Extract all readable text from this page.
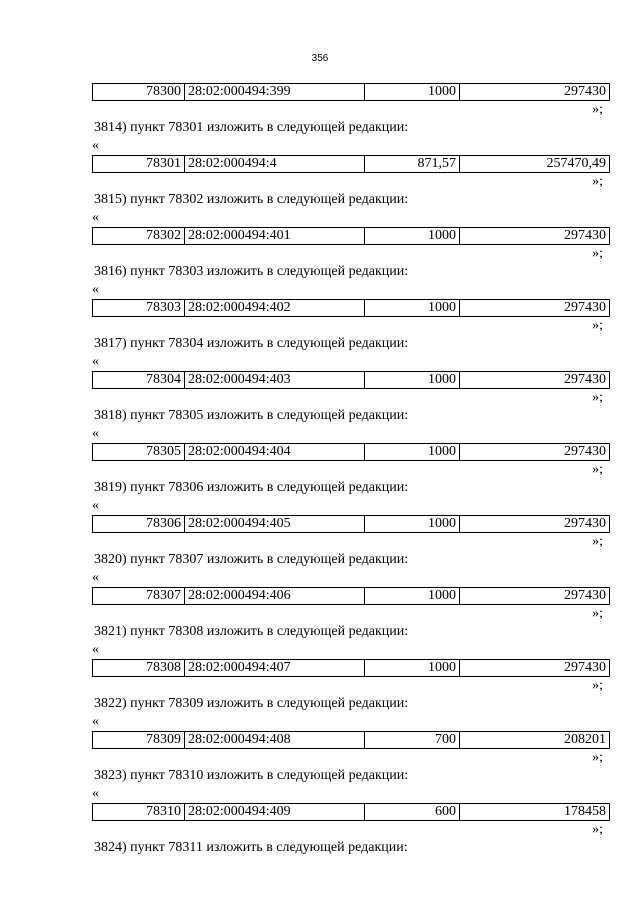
356
78300	28:02:000494:399	1000	297430
»;
3814) пункт 78301 изложить в следующей редакции:
«
78301	28:02:000494:4	871,57	257470,49
»;
3815) пункт 78302 изложить в следующей редакции:
«
78302	28:02:000494:401	1000	297430
»;
3816) пункт 78303 изложить в следующей редакции:
«
78303	28:02:000494:402	1000	297430
»;
3817) пункт 78304 изложить в следующей редакции:
«
78304	28:02:000494:403	1000	297430
»;
3818) пункт 78305 изложить в следующей редакции:
«
78305	28:02:000494:404	1000	297430
»;
3819) пункт 78306 изложить в следующей редакции:
«
78306	28:02:000494:405	1000	297430
»;
3820) пункт 78307 изложить в следующей редакции:
«
78307	28:02:000494:406	1000	297430
»;
3821) пункт 78308 изложить в следующей редакции:
«
78308	28:02:000494:407	1000	297430
»;
3822) пункт 78309 изложить в следующей редакции:
«
78309	28:02:000494:408	700	208201
»;
3823) пункт 78310 изложить в следующей редакции:
«
78310	28:02:000494:409	600	178458
»;
3824) пункт 78311 изложить в следующей редакции:
